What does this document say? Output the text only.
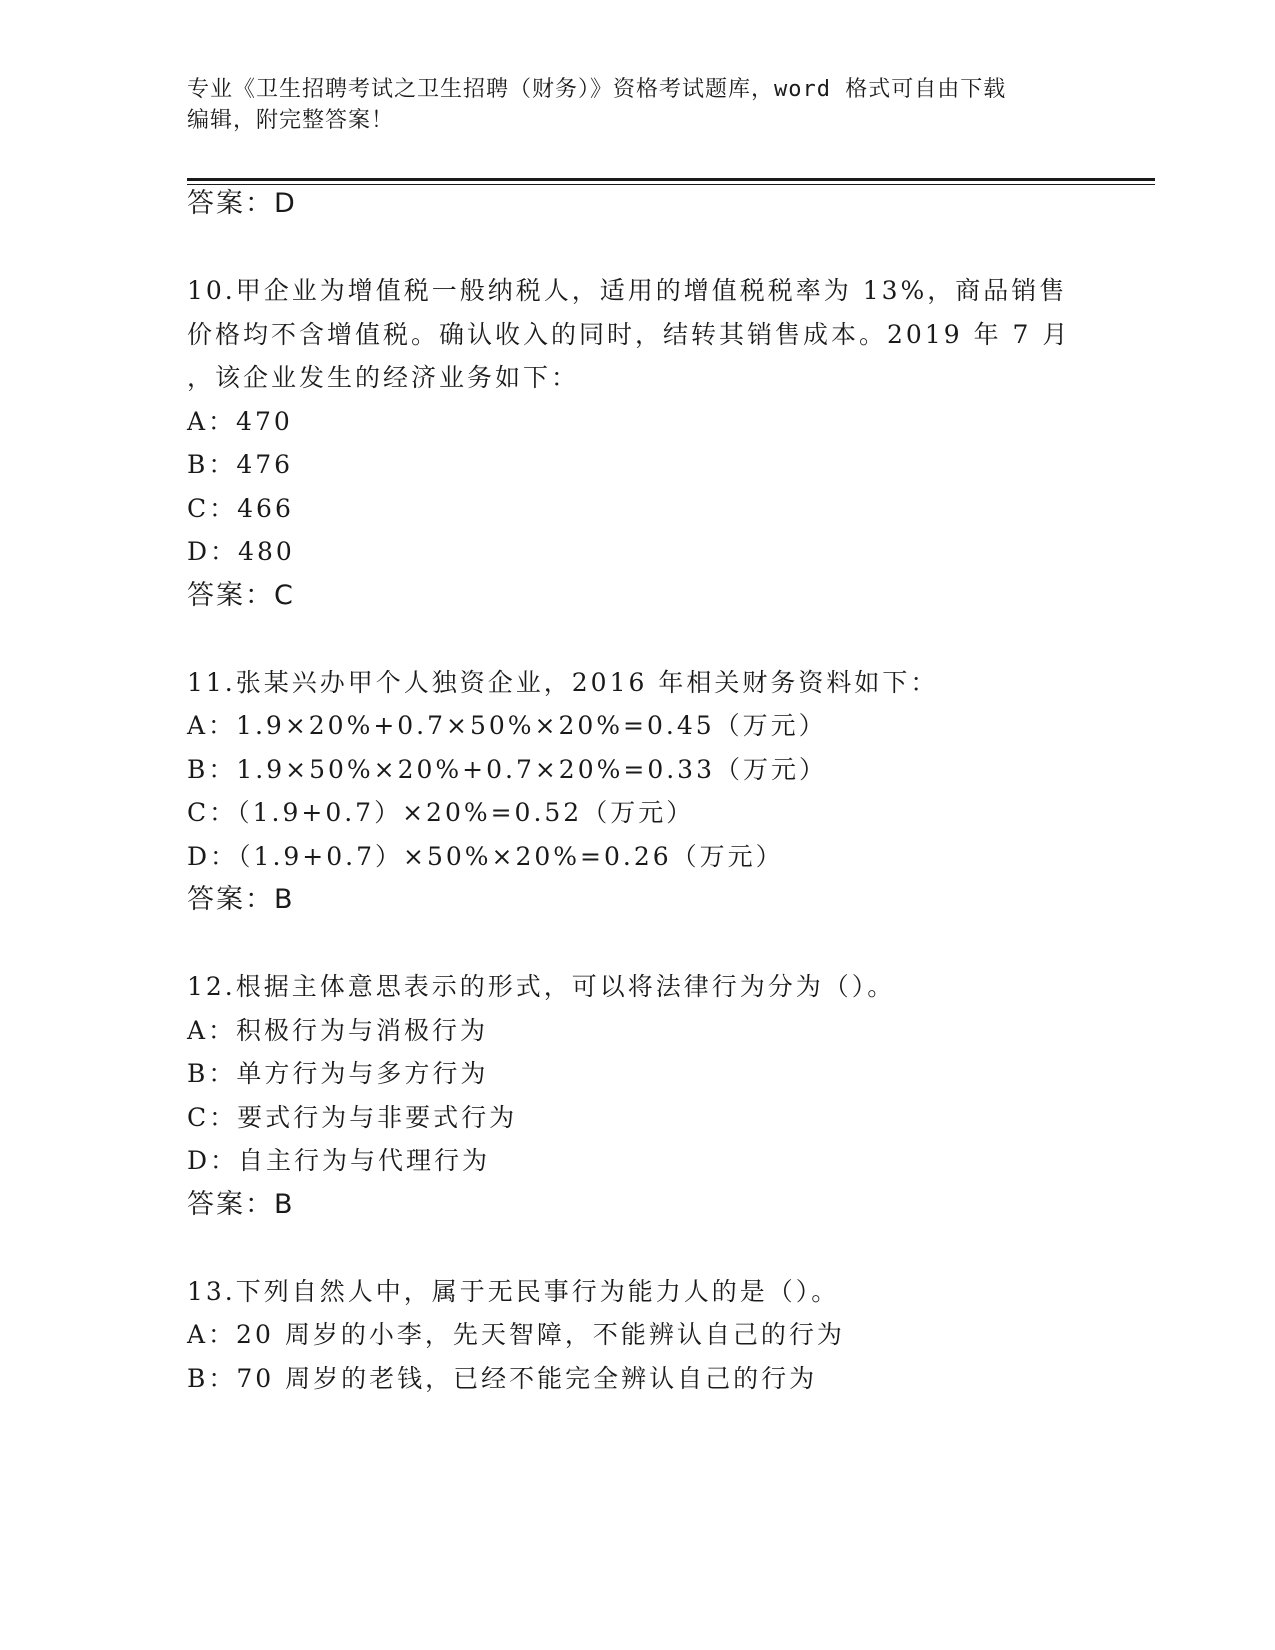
专业《卫生招聘考试之卫生招聘（财务）》资格考试题库，word 格式可自由下载
编辑，附完整答案！
答案：D
10.甲企业为增值税一般纳税人，适用的增值税税率为 13%，商品销售
价格均不含增值税。确认收入的同时，结转其销售成本。2019 年 7 月
，该企业发生的经济业务如下：
A：470
B：476
C：466
D：480
答案：C
11.张某兴办甲个人独资企业，2016 年相关财务资料如下：
A：1.9×20%+0.7×50%×20%=0.45（万元）
B：1.9×50%×20%+0.7×20%=0.33（万元）
C：（1.9+0.7）×20%=0.52（万元）
D：（1.9+0.7）×50%×20%=0.26（万元）
答案：B
12.根据主体意思表示的形式，可以将法律行为分为（）。
A：积极行为与消极行为
B：单方行为与多方行为
C：要式行为与非要式行为
D：自主行为与代理行为
答案：B
13.下列自然人中，属于无民事行为能力人的是（）。
A：20 周岁的小李，先天智障，不能辨认自己的行为
B：70 周岁的老钱，已经不能完全辨认自己的行为
